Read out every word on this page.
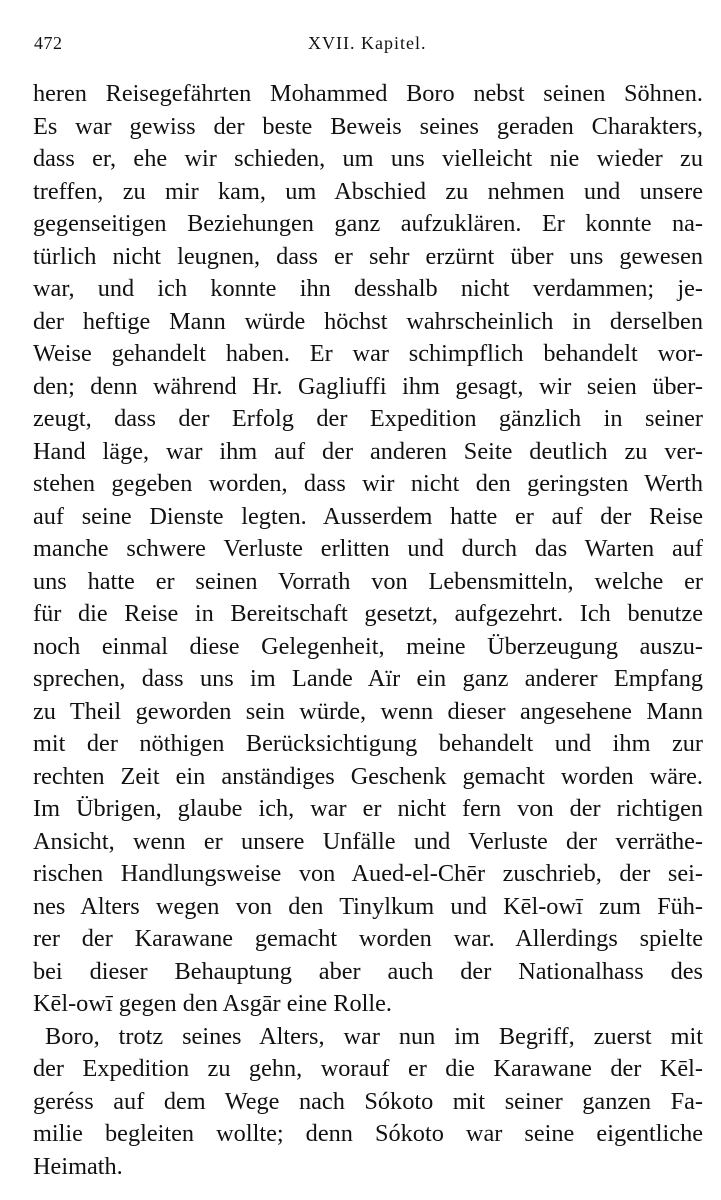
472	XVII. Kapitel.
heren Reisegefährten Mohammed Boro nebst seinen Söhnen.
Es war gewiss der beste Beweis seines geraden Charakters,
dass er, ehe wir schieden, um uns vielleicht nie wieder zu
treffen, zu mir kam, um Abschied zu nehmen und unsere
gegenseitigen Beziehungen ganz aufzuklären. Er konnte na-
türlich nicht leugnen, dass er sehr erzürnt über uns gewesen
war, und ich konnte ihn desshalb nicht verdammen; je-
der heftige Mann würde höchst wahrscheinlich in derselben
Weise gehandelt haben. Er war schimpflich behandelt wor-
den; denn während Hr. Gagliuffi ihm gesagt, wir seien über-
zeugt, dass der Erfolg der Expedition gänzlich in seiner
Hand läge, war ihm auf der anderen Seite deutlich zu ver-
stehen gegeben worden, dass wir nicht den geringsten Werth
auf seine Dienste legten. Ausserdem hatte er auf der Reise
manche schwere Verluste erlitten und durch das Warten auf
uns hatte er seinen Vorrath von Lebensmitteln, welche er
für die Reise in Bereitschaft gesetzt, aufgezehrt. Ich benutze
noch einmal diese Gelegenheit, meine Überzeugung auszu-
sprechen, dass uns im Lande Aïr ein ganz anderer Empfang
zu Theil geworden sein würde, wenn dieser angesehene Mann
mit der nöthigen Berücksichtigung behandelt und ihm zur
rechten Zeit ein anständiges Geschenk gemacht worden wäre.
Im Übrigen, glaube ich, war er nicht fern von der richtigen
Ansicht, wenn er unsere Unfälle und Verluste der verräthe-
rischen Handlungsweise von Aued-el-Chēr zuschrieb, der sei-
nes Alters wegen von den Tinylkum und Kēl-owī zum Füh-
rer der Karawane gemacht worden war. Allerdings spielte
bei dieser Behauptung aber auch der Nationalhass des
Kēl-owī gegen den Asgār eine Rolle.
Boro, trotz seines Alters, war nun im Begriff, zuerst mit
der Expedition zu gehn, worauf er die Karawane der Kēl-
geréss auf dem Wege nach Sókoto mit seiner ganzen Fa-
milie begleiten wollte; denn Sókoto war seine eigentliche
Heimath.
